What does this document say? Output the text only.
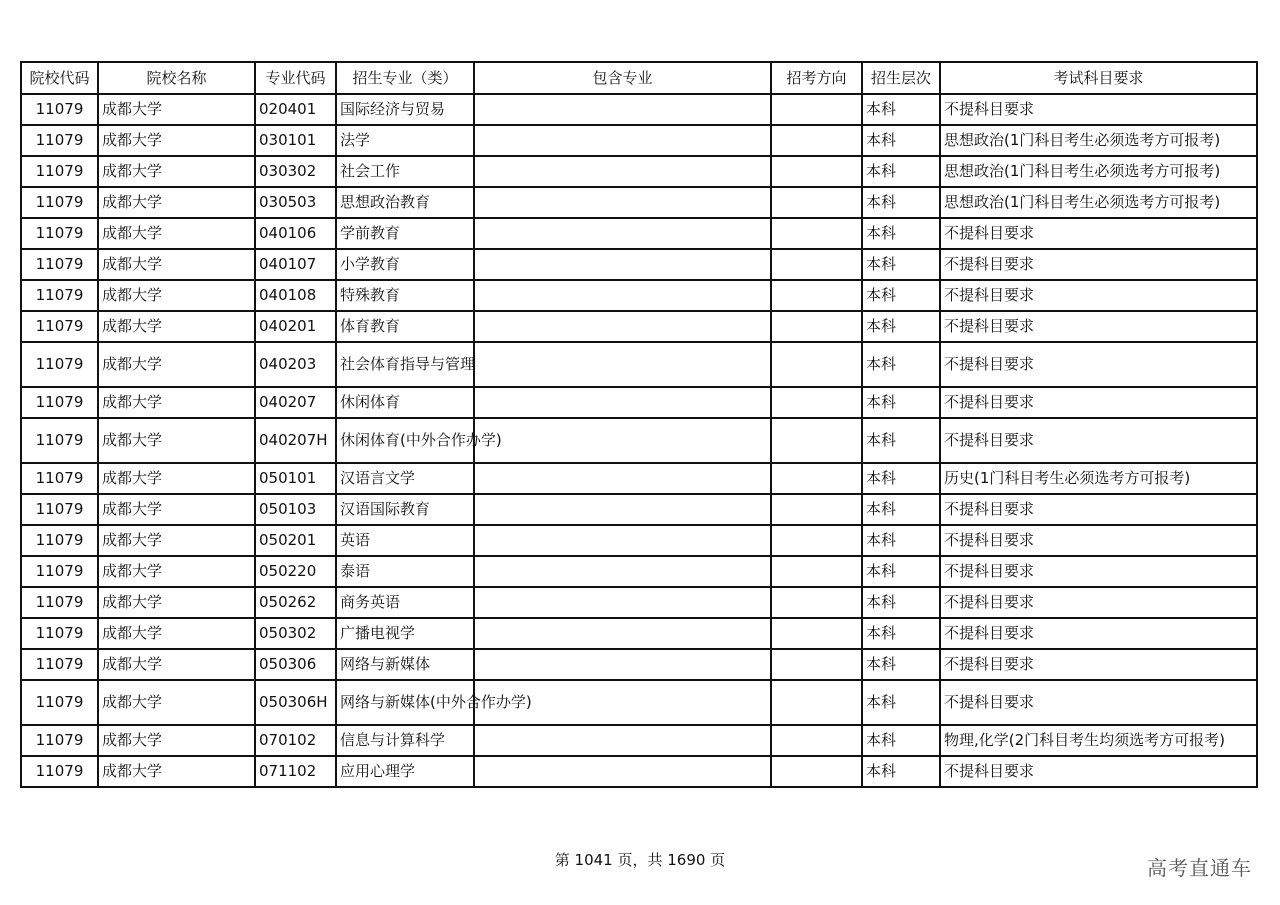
院校代码	院校名称	专业代码	招生专业（类）	包含专业	招考方向	招生层次	考试科目要求
11079	成都大学	020401	国际经济与贸易			本科	不提科目要求
11079	成都大学	030101	法学			本科	思想政治(1门科目考生必须选考方可报考)
11079	成都大学	030302	社会工作			本科	思想政治(1门科目考生必须选考方可报考)
11079	成都大学	030503	思想政治教育			本科	思想政治(1门科目考生必须选考方可报考)
11079	成都大学	040106	学前教育			本科	不提科目要求
11079	成都大学	040107	小学教育			本科	不提科目要求
11079	成都大学	040108	特殊教育			本科	不提科目要求
11079	成都大学	040201	体育教育			本科	不提科目要求
11079	成都大学	040203	社会体育指导与管理			本科	不提科目要求
11079	成都大学	040207	休闲体育			本科	不提科目要求
11079	成都大学	040207H	休闲体育(中外合作办学)			本科	不提科目要求
11079	成都大学	050101	汉语言文学			本科	历史(1门科目考生必须选考方可报考)
11079	成都大学	050103	汉语国际教育			本科	不提科目要求
11079	成都大学	050201	英语			本科	不提科目要求
11079	成都大学	050220	泰语			本科	不提科目要求
11079	成都大学	050262	商务英语			本科	不提科目要求
11079	成都大学	050302	广播电视学			本科	不提科目要求
11079	成都大学	050306	网络与新媒体			本科	不提科目要求
11079	成都大学	050306H	网络与新媒体(中外合作办学)			本科	不提科目要求
11079	成都大学	070102	信息与计算科学			本科	物理,化学(2门科目考生均须选考方可报考)
11079	成都大学	071102	应用心理学			本科	不提科目要求
第 1041 页，共 1690 页	高考直通车
